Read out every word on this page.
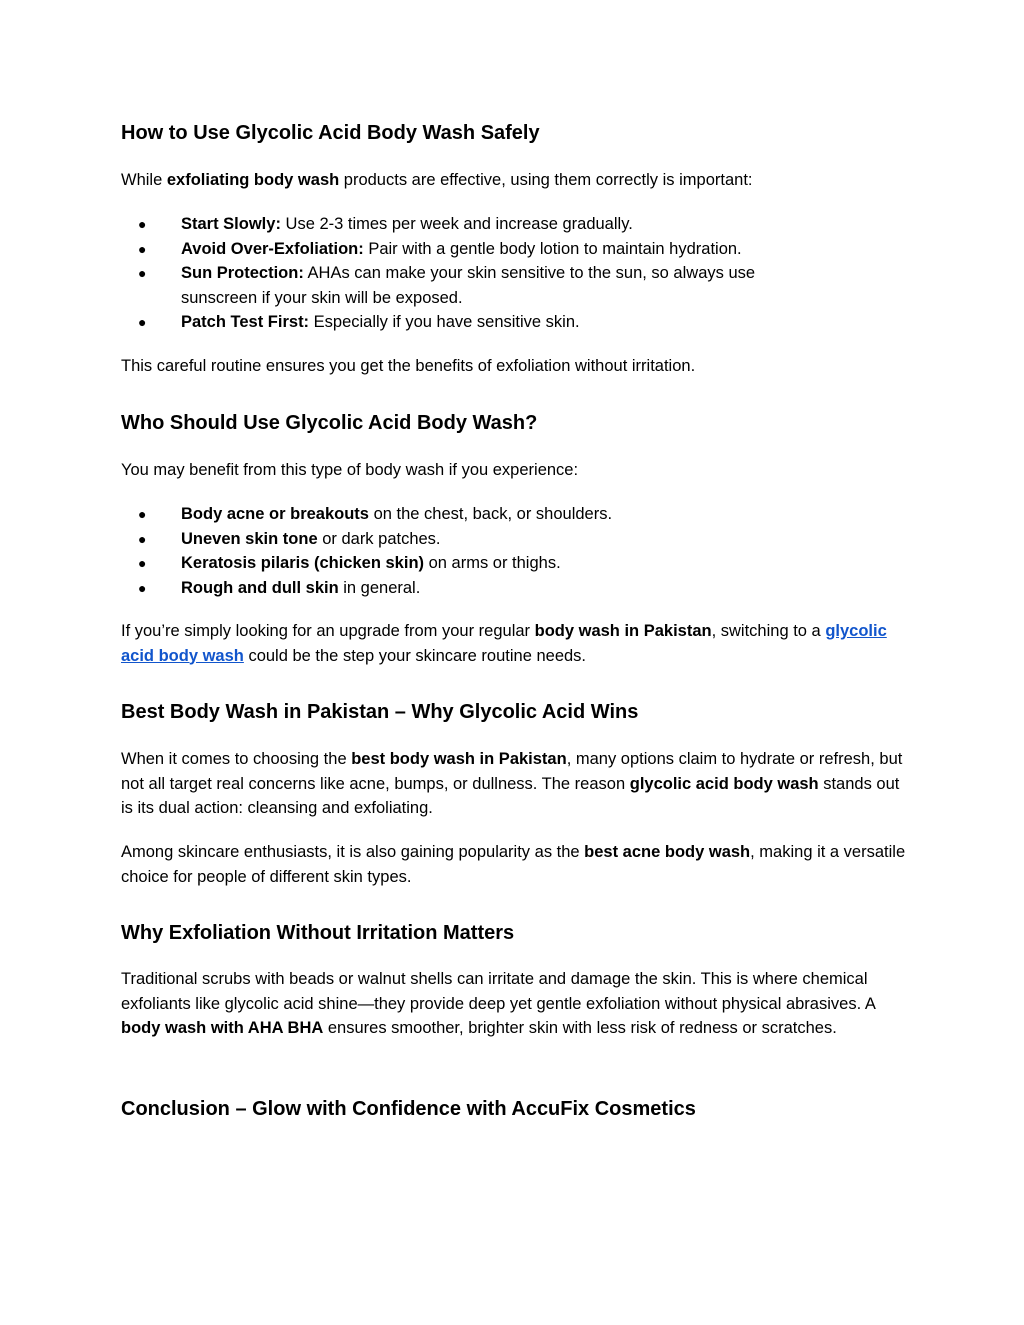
How to Use Glycolic Acid Body Wash Safely

While exfoliating body wash products are effective, using them correctly is important:

● Start Slowly: Use 2-3 times per week and increase gradually.
● Avoid Over-Exfoliation: Pair with a gentle body lotion to maintain hydration.
● Sun Protection: AHAs can make your skin sensitive to the sun, so always use sunscreen if your skin will be exposed.
● Patch Test First: Especially if you have sensitive skin.

This careful routine ensures you get the benefits of exfoliation without irritation.

Who Should Use Glycolic Acid Body Wash?

You may benefit from this type of body wash if you experience:

● Body acne or breakouts on the chest, back, or shoulders.
● Uneven skin tone or dark patches.
● Keratosis pilaris (chicken skin) on arms or thighs.
● Rough and dull skin in general.

If you’re simply looking for an upgrade from your regular body wash in Pakistan, switching to a glycolic acid body wash could be the step your skincare routine needs.

Best Body Wash in Pakistan – Why Glycolic Acid Wins

When it comes to choosing the best body wash in Pakistan, many options claim to hydrate or refresh, but not all target real concerns like acne, bumps, or dullness. The reason glycolic acid body wash stands out is its dual action: cleansing and exfoliating.

Among skincare enthusiasts, it is also gaining popularity as the best acne body wash, making it a versatile choice for people of different skin types.

Why Exfoliation Without Irritation Matters

Traditional scrubs with beads or walnut shells can irritate and damage the skin. This is where chemical exfoliants like glycolic acid shine—they provide deep yet gentle exfoliation without physical abrasives. A body wash with AHA BHA ensures smoother, brighter skin with less risk of redness or scratches.

Conclusion – Glow with Confidence with AccuFix Cosmetics
